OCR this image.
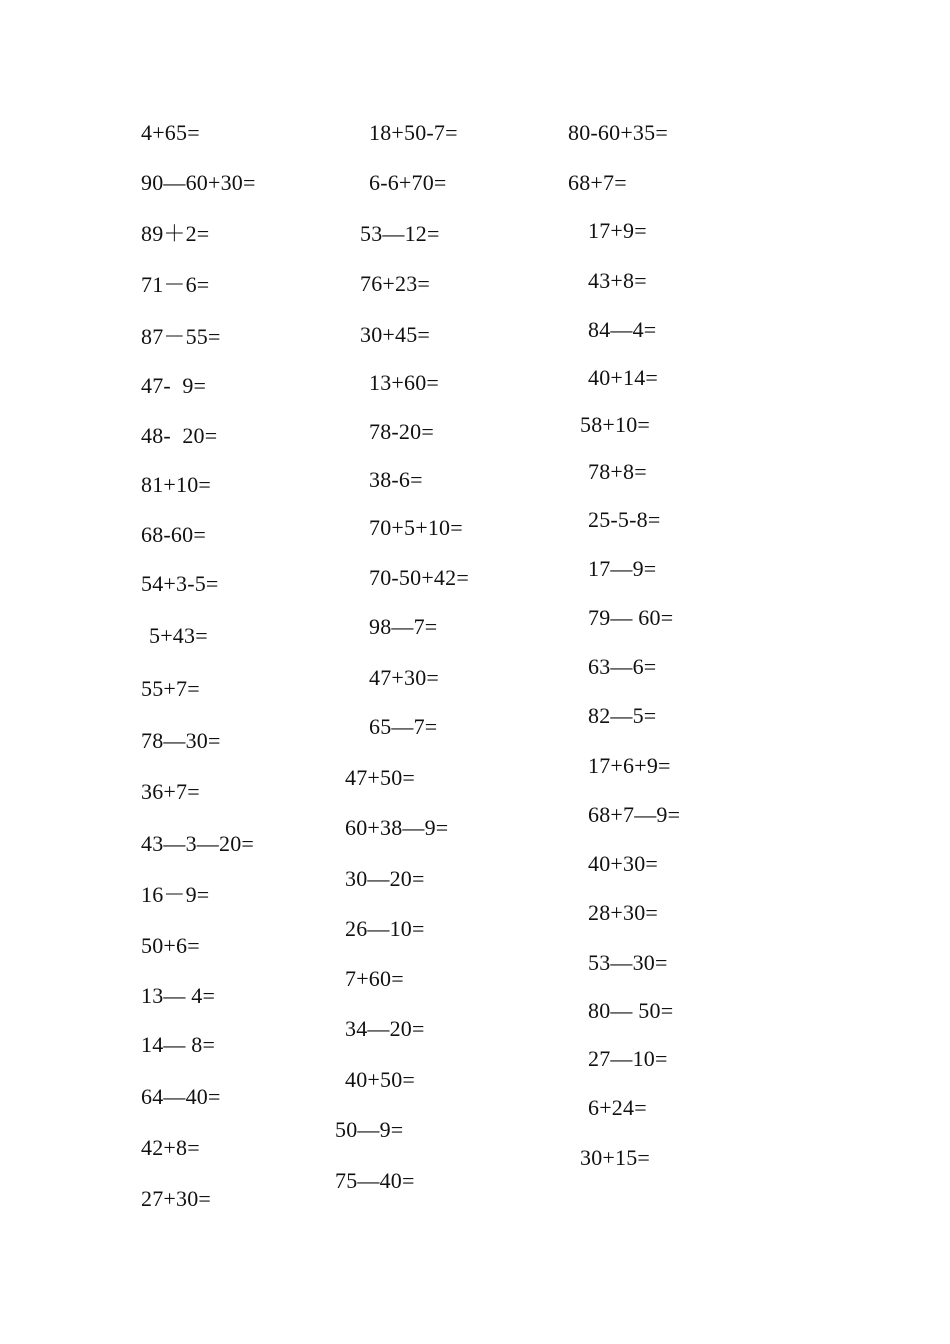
4+65=
90—60+30=
89＋2=
71－6=
87－55=
47-  9=
48-  20=
81+10=
68-60=
54+3-5=
5+43=
55+7=
78—30=
36+7=
43—3—20=
16－9=
50+6=
13— 4=
14— 8=
64—40=
42+8=
27+30=
18+50-7=
6-6+70=
53—12=
76+23=
30+45=
13+60=
78-20=
38-6=
70+5+10=
70-50+42=
98—7=
47+30=
65—7=
47+50=
60+38—9=
30—20=
26—10=
7+60=
34—20=
40+50=
50—9=
75—40=
80-60+35=
68+7=
17+9=
43+8=
84—4=
40+14=
58+10=
78+8=
25-5-8=
17—9=
79— 60=
63—6=
82—5=
17+6+9=
68+7—9=
40+30=
28+30=
53—30=
80— 50=
27—10=
6+24=
30+15=
